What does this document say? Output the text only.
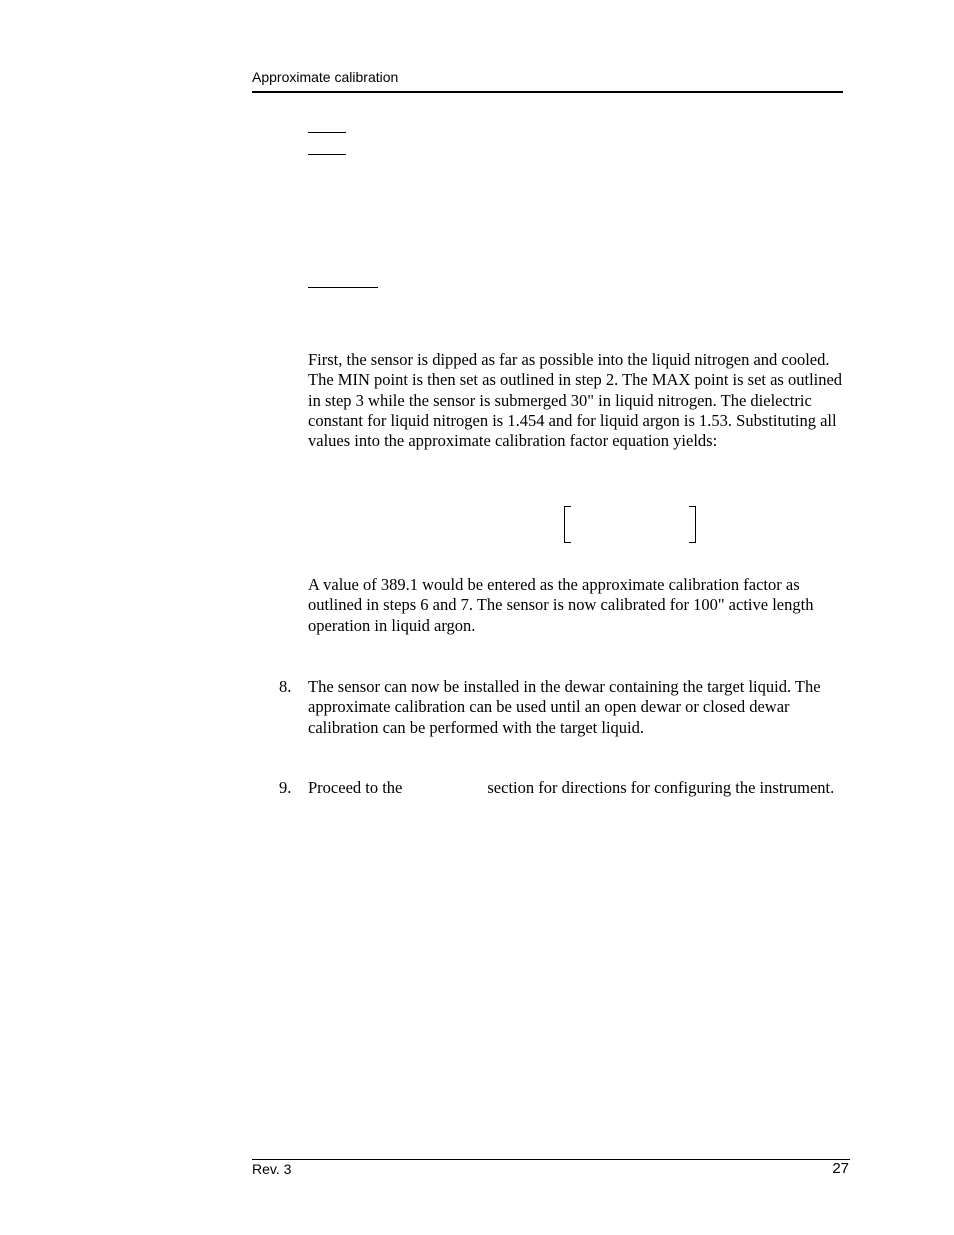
Approximate calibration

First, the sensor is dipped as far as possible into the liquid nitrogen and cooled. The MIN point is then set as outlined in step 2. The MAX point is set as outlined in step 3 while the sensor is submerged 30" in liquid nitrogen. The dielectric constant for liquid nitrogen is 1.454 and for liquid argon is 1.53. Substituting all values into the approximate calibration factor equation yields:

A value of 389.1 would be entered as the approximate calibration factor as outlined in steps 6 and 7. The sensor is now calibrated for 100" active length operation in liquid argon.

8. The sensor can now be installed in the dewar containing the target liquid. The approximate calibration can be used until an open dewar or closed dewar calibration can be performed with the target liquid.

9. Proceed to the	section for directions for configuring the instrument.

Rev. 3	27
